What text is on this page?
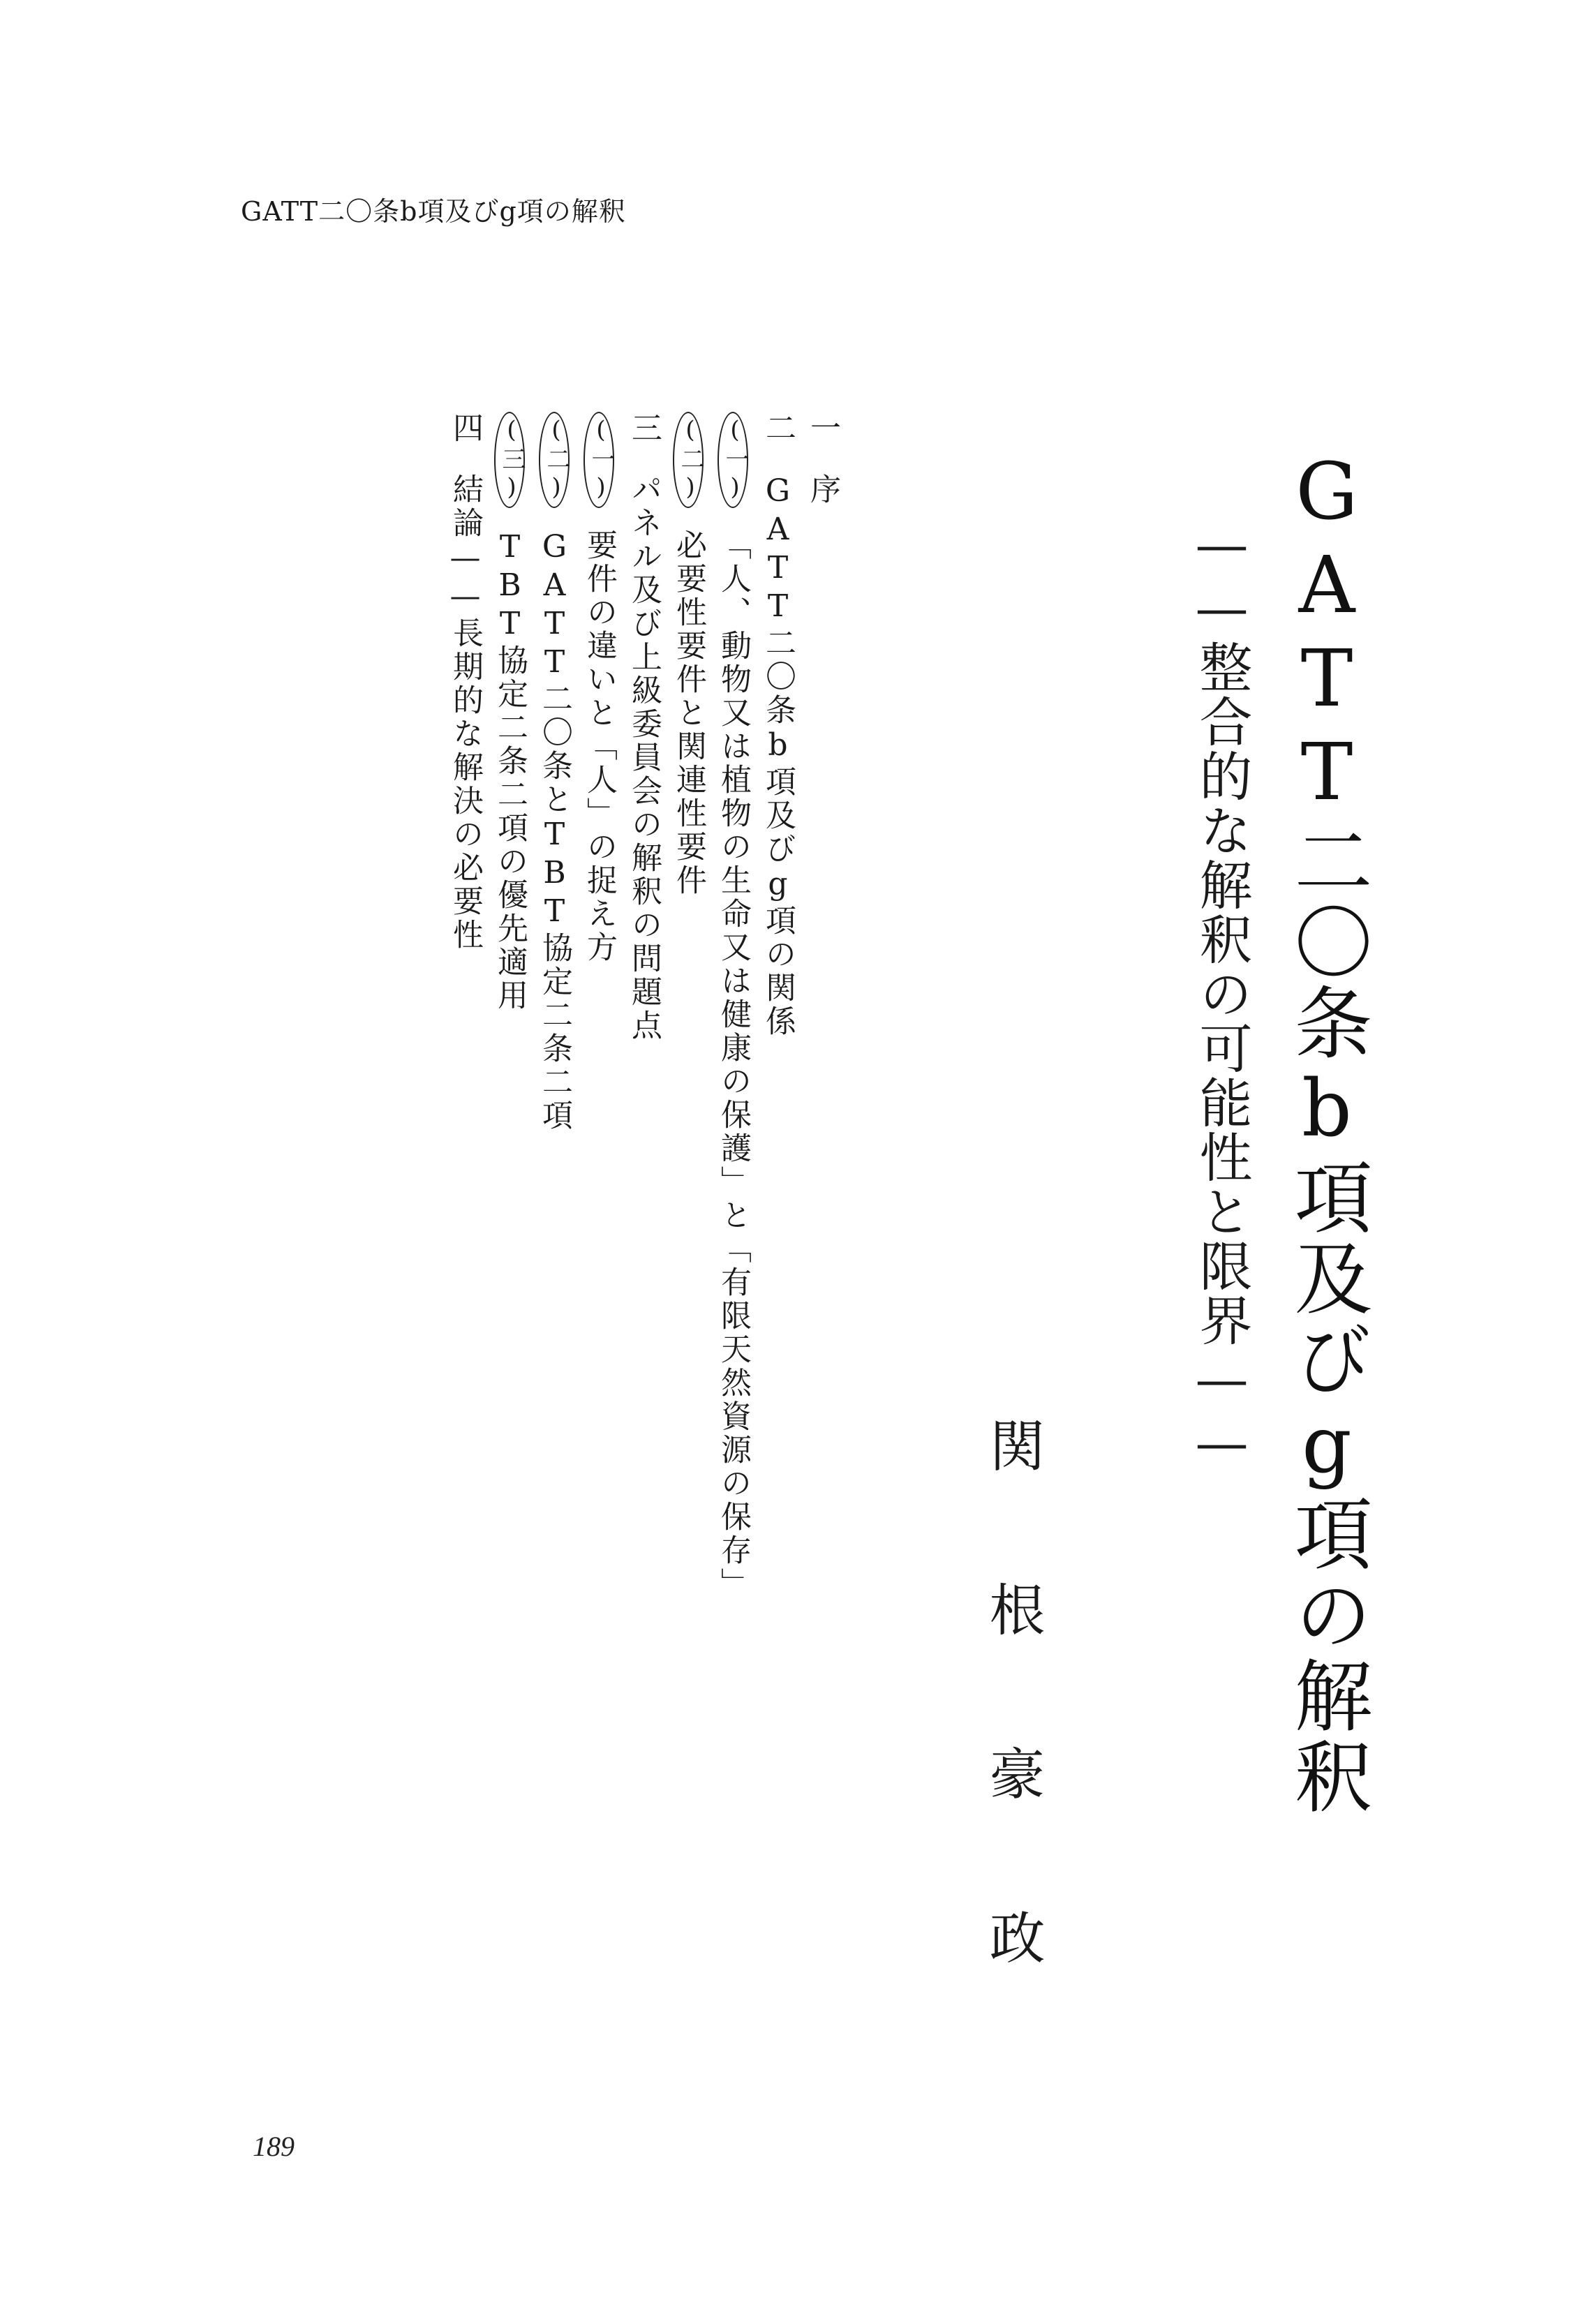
GATT二〇条b項及びg項の解釈
GATT二〇条b項及びg項の解釈
——整合的な解釈の可能性と限界——
関根豪政
一
序
二
GATT二〇条b項及びg項の関係
(一)
「人、動物又は植物の生命又は健康の保護」と「有限天然資源の保存」
(二)
必要性要件と関連性要件
三
パネル及び上級委員会の解釈の問題点
(一)
要件の違いと「人」の捉え方
(二)
GATT二〇条とTBT協定二条二項
(三)
TBT協定二条二項の優先適用
四
結論——長期的な解決の必要性
189
